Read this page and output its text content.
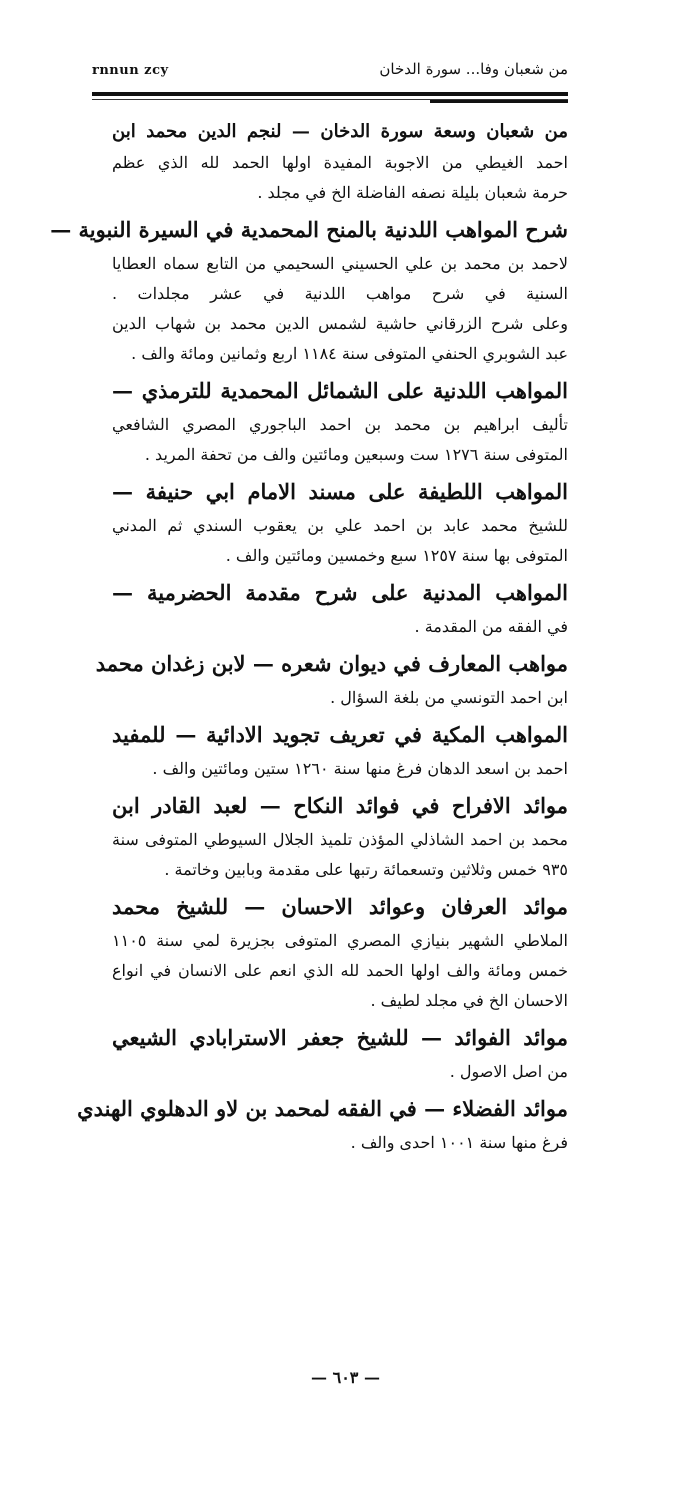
rnnun zcy	من شعبان وفا... سورة الدخان
من شعبان وسعة سورة الدخان — لنجم الدين محمد ابن
احمد الغيطي من الاجوبة المفيدة اولها الحمد لله الذي عظم
حرمة شعبان بليلة نصفه الفاضلة الخ في مجلد .
شرح المواهب اللدنية بالمنح المحمدية في السيرة النبوية —
لاحمد بن محمد بن علي الحسيني السحيمي من التابع سماه العطايا
السنية في شرح مواهب اللدنية في عشر مجلدات .
وعلى شرح الزرقاني حاشية لشمس الدين محمد بن شهاب الدين
عبد الشوبري الحنفي المتوفى سنة ١١٨٤ اربع وثمانين ومائة والف .
المواهب اللدنية على الشمائل المحمدية للترمذي —
تأليف ابراهيم بن محمد بن احمد الباجوري المصري الشافعي
المتوفى سنة ١٢٧٦ ست وسبعين ومائتين والف من تحفة المريد .
المواهب اللطيفة على مسند الامام ابي حنيفة —
للشيخ محمد عابد بن احمد علي بن يعقوب السندي ثم المدني
المتوفى بها سنة ١٢٥٧ سبع وخمسين ومائتين والف .
المواهب المدنية على شرح مقدمة الحضرمية —
في الفقه من المقدمة .
مواهب المعارف في ديوان شعره — لابن زغدان محمد
ابن احمد التونسي من بلغة السؤال .
المواهب المكية في تعريف تجويد الادائية — للمفيد
احمد بن اسعد الدهان فرغ منها سنة ١٢٦٠ ستين ومائتين والف .
موائد الافراح في فوائد النكاح — لعبد القادر ابن
محمد بن احمد الشاذلي المؤذن تلميذ الجلال السيوطي المتوفى سنة
٩٣٥ خمس وثلاثين وتسعمائة رتبها على مقدمة وبابين وخاتمة .
موائد العرفان وعوائد الاحسان — للشيخ محمد
الملاطي الشهير بنيازي المصري المتوفى بجزيرة لمي سنة ١١٠٥
خمس ومائة والف اولها الحمد لله الذي انعم على الانسان في انواع
الاحسان الخ في مجلد لطيف .
موائد الفوائد — للشيخ جعفر الاسترابادي الشيعي
من اصل الاصول .
موائد الفضلاء — في الفقه لمحمد بن لاو الدهلوي الهندي
فرغ منها سنة ١٠٠١ احدى والف .
— ٦٠٣ —
